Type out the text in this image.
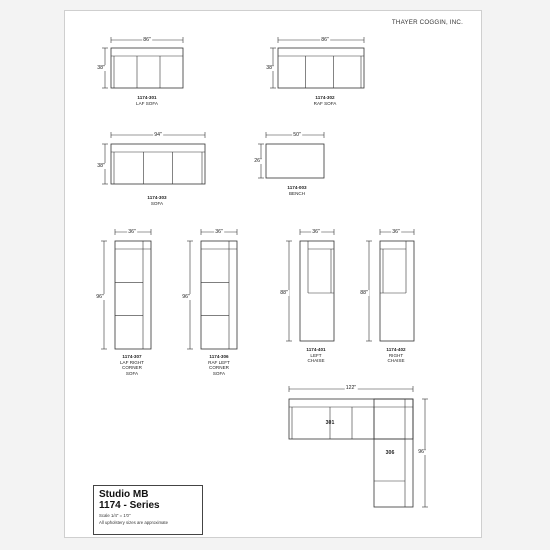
THAYER COGGIN, INC.
1174-301
LAF SOFA
1174-302
RAF SOFA
1174-303
SOFA
1174-003
BENCH
1174-307
LAF RIGHT
CORNER
SOFA
1174-306
RAF LEFT
CORNER
SOFA
1174-401
LEFT
CHAISE
1174-402
RIGHT
CHAISE
86"
38"
86"
38"
94"
38"
50"
26"
36"
96"
36"
96"
36"
88"
36"
88"
122"
96"
301
306
Studio MB
1174 - Series
Scale 1/4" = 1'0"
All upholstery sizes are approximate
